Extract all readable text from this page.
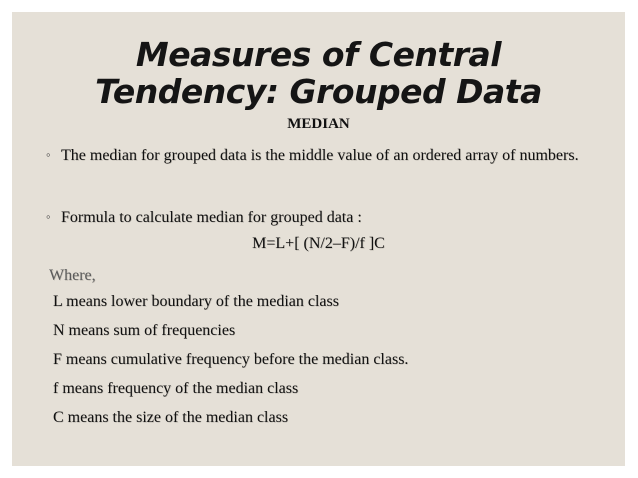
Measures of Central
Tendency: Grouped Data
MEDIAN
◦ The median for grouped data is the middle value of an ordered array of numbers.
◦ Formula to calculate median for grouped data :
M=L+[ (N/2–F)/f ]C
Where,
L means lower boundary of the median class
N means sum of frequencies
F means cumulative frequency before the median class.
f means frequency of the median class
C means the size of the median class
